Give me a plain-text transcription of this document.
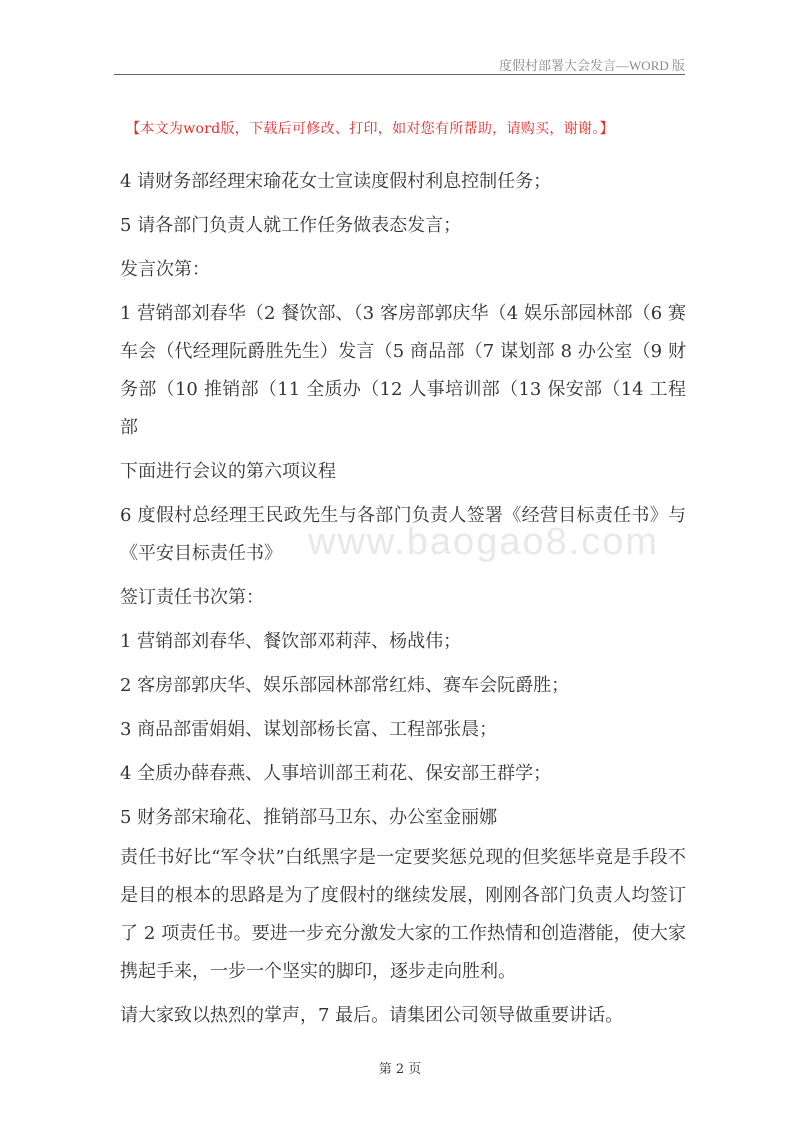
度假村部署大会发言—WORD 版
【本文为word版，下载后可修改、打印，如对您有所帮助，请购买，谢谢。】
www.baogao8.com

4 请财务部经理宋瑜花女士宣读度假村利息控制任务；

5 请各部门负责人就工作任务做表态发言；

发言次第：

1 营销部刘春华（2 餐饮部、（3 客房部郭庆华（4 娱乐部园林部（6 赛车会（代经理阮爵胜先生）发言（5 商品部（7 谋划部 8 办公室（9 财务部（10 推销部（11 全质办（12 人事培训部（13 保安部（14 工程部

下面进行会议的第六项议程

6 度假村总经理王民政先生与各部门负责人签署《经营目标责任书》与《平安目标责任书》

签订责任书次第：

1 营销部刘春华、餐饮部邓莉萍、杨战伟；

2 客房部郭庆华、娱乐部园林部常红炜、赛车会阮爵胜；

3 商品部雷娟娟、谋划部杨长富、工程部张晨；

4 全质办薛春燕、人事培训部王莉花、保安部王群学；

5 财务部宋瑜花、推销部马卫东、办公室金丽娜

责任书好比“军令状”白纸黑字是一定要奖惩兑现的但奖惩毕竟是手段不是目的根本的思路是为了度假村的继续发展，刚刚各部门负责人均签订了 2 项责任书。要进一步充分激发大家的工作热情和创造潜能，使大家携起手来，一步一个坚实的脚印，逐步走向胜利。

请大家致以热烈的掌声，7 最后。请集团公司领导做重要讲话。

第 2 页
